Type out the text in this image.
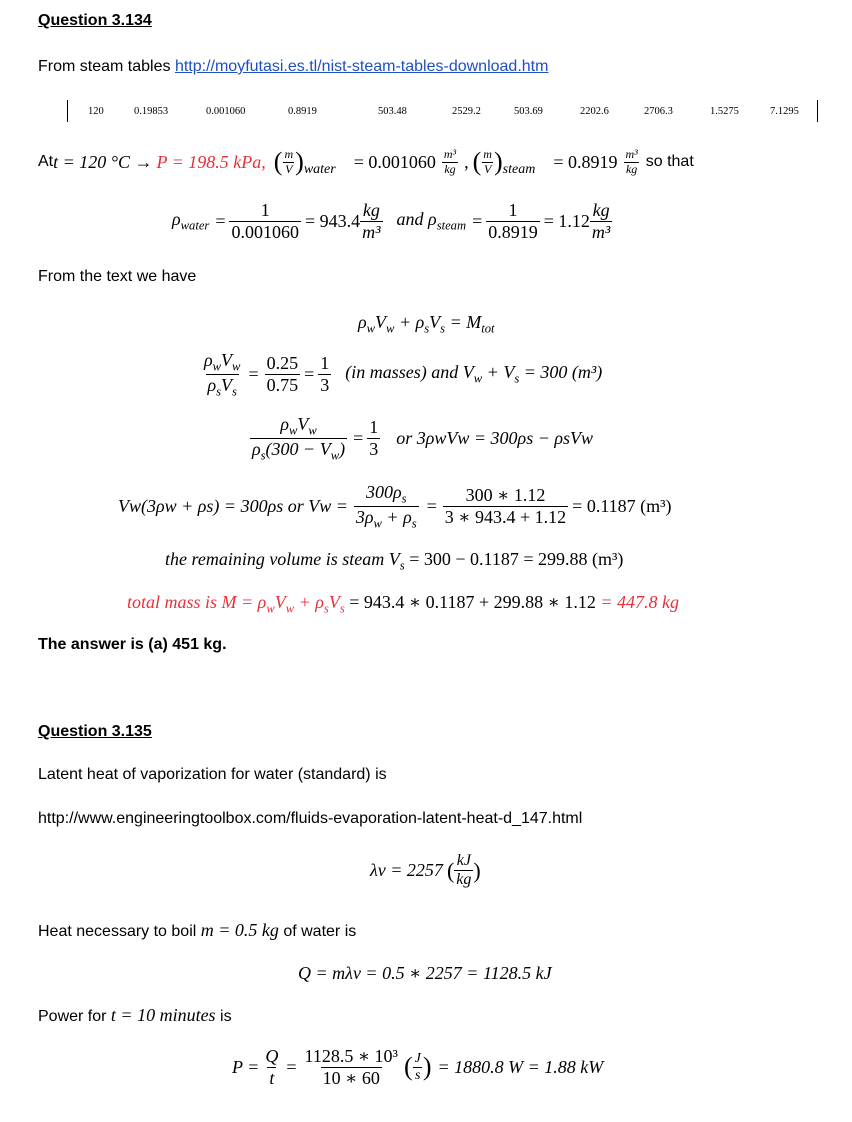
Question 3.134
From steam tables http://moyfutasi.es.tl/nist-steam-tables-download.htm
120	0.19853	0.001060	0.8919	503.48	2529.2	503.69	2202.6	2706.3	1.5275	7.1295
At t = 120 °C → P = 198.5 kPa, ( $\frac{m}{V}$ ) water = $0.001060 \frac{\text{m³}}{kg}$ , ( $\frac{m}{V}$ ) steam = $0.8919 \frac{\text{m³}}{kg}$ so that
$\rho_{water} = \frac{1}{0.001060} = 943.4 \frac{kg}{\text{m³}}$ and $\rho_{steam} = \frac{1}{0.8919} = 1.12 \frac{kg}{\text{m³}}$
From the text we have
$\rho_wV_w + \rho_sV_s = M_{tot}$
$\frac{\rho_wV_w}{\rho_sV_s} = \frac{0.25}{0.75} = \frac{1}{3} (in$ masses) and $V_w + V_s = 300$ (m³)
$\frac{\rho_wV_w}{\rho_s(300 - V_w)} = \frac{1}{3}$ or 3ρwVw = 300ρs − ρsVw
Vw(3ρw + ρs) = 300ρs or $Vw = \frac{300\rho_s}{3\rho_w + \rho_s} = \frac{300 ∗ 1.12}{3 ∗ 943.4 + 1.12} = 0.1187$ (m³)
the remaining volume is steam $V_s = 300 - 0.1187 = 299.88$ (m³)
total mass is $M = \rho_wV_w + \rho_sV_s = 943.4$ ∗ 0.1187 + 299.88 ∗ 1.12 = 447.8 kg
The answer is (a) 451 kg.
Question 3.135
Latent heat of vaporization for water (standard) is
http://www.engineeringtoolbox.com/fluids-evaporation-latent-heat-d_147.html
λv = 2257 ( $\frac{kJ}{kg}$ )
Heat necessary to boil m = 0.5 kg of water is
Q = mλv = 0.5 ∗ 2257 = 1128.5 kJ
Power for t = 10 minutes is
$P = \frac{Q}{t} = \frac{\text{1128.5 ∗ 10³}}{10 ∗ 60}$ ( $\frac{J}{s}$ ) = 1880.8 W = 1.88 kW
